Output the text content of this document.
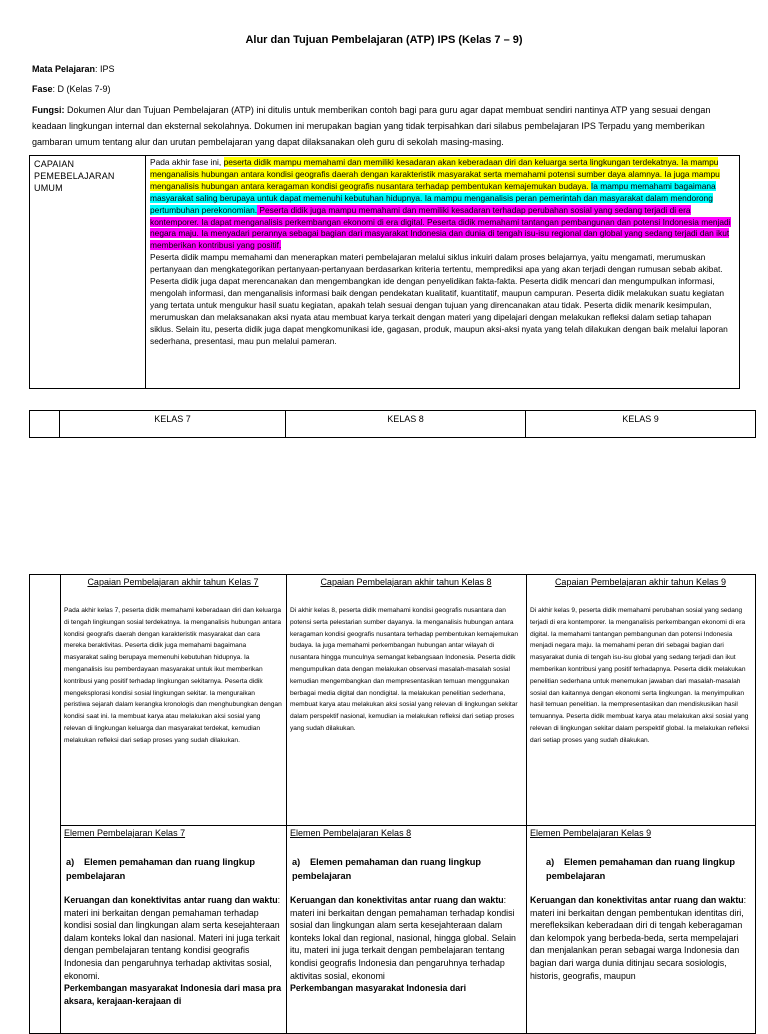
Alur dan Tujuan Pembelajaran (ATP) IPS (Kelas 7 – 9)
Mata Pelajaran: IPS
Fase: D (Kelas 7-9)
Fungsi: Dokumen Alur dan Tujuan Pembelajaran (ATP) ini ditulis untuk memberikan contoh bagi para guru agar dapat membuat sendiri nantinya ATP yang sesuai dengan keadaan lingkungan internal dan eksternal sekolahnya. Dokumen ini merupakan bagian yang tidak terpisahkan dari silabus pembelajaran IPS Terpadu yang memberikan gambaran umum tentang alur dan urutan pembelajaran yang dapat dilaksanakan oleh guru di sekolah masing-masing.
CAPAIAN PEMEBELAJARAN UMUM
Pada akhir fase ini, peserta didik mampu memahami dan memiliki kesadaran akan keberadaan diri dan keluarga serta lingkungan terdekatnya. Ia mampu menganalisis hubungan antara kondisi geografis daerah dengan karakteristik masyarakat serta memahami potensi sumber daya alamnya. Ia juga mampu menganalisis hubungan antara keragaman kondisi geografis nusantara terhadap pembentukan kemajemukan budaya. Ia mampu memahami bagaimana masyarakat saling berupaya untuk dapat memenuhi kebutuhan hidupnya. Ia mampu menganalisis peran pemerintah dan masyarakat dalam mendorong pertumbuhan perekonomian. Peserta didik juga mampu memahami dan memiliki kesadaran terhadap perubahan sosial yang sedang terjadi di era kontemporer. Ia dapat menganalisis perkembangan ekonomi di era digital. Peserta didik memahami tantangan pembangunan dan potensi Indonesia menjadi negara maju. Ia menyadari perannya sebagai bagian dari masyarakat Indonesia dan dunia di tengah isu-isu regional dan global yang sedang terjadi dan ikut memberikan kontribusi yang positif.
Peserta didik mampu memahami dan menerapkan materi pembelajaran melalui siklus inkuiri dalam proses belajarnya, yaitu mengamati, merumuskan pertanyaan dan mengkategorikan pertanyaan-pertanyaan berdasarkan kriteria tertentu, memprediksi apa yang akan terjadi dengan rumusan sebab akibat. Peserta didik juga dapat merencanakan dan mengembangkan ide dengan penyelidikan fakta-fakta. Peserta didik mencari dan mengumpulkan informasi, mengolah informasi, dan menganalisis informasi baik dengan pendekatan kualitatif, kuantitatif, maupun campuran. Peserta didik melakukan suatu kegiatan yang tertata untuk mengukur hasil suatu kegiatan, apakah telah sesuai dengan tujuan yang direncanakan atau tidak. Peserta didik menarik kesimpulan, merumuskan dan melaksanakan aksi nyata atau membuat karya terkait dengan materi yang dipelajari dengan melakukan refleksi dalam setiap tahapan siklus. Selain itu, peserta didik juga dapat mengkomunikasi ide, gagasan, produk, maupun aksi-aksi nyata yang telah dilakukan dengan baik melalui laporan sederhana, presentasi, mau pun melalui pameran.
KELAS 7	KELAS 8	KELAS 9
Capaian Pembelajaran akhir tahun Kelas 7
Pada akhir kelas 7, peserta didik memahami keberadaan diri dan keluarga di tengah lingkungan sosial terdekatnya. Ia menganalisis hubungan antara kondisi geografis daerah dengan karakteristik masyarakat dan cara mereka beraktivitas. Peserta didik juga memahami bagaimana masyarakat saling berupaya memenuhi kebutuhan hidupnya. Ia menganalisis isu pemberdayaan masyarakat untuk ikut memberikan kontribusi yang positif terhadap lingkungan sekitarnya. Peserta didik mengeksplorasi kondisi sosial lingkungan sekitar. Ia menguraikan peristiwa sejarah dalam kerangka kronologis dan menghubungkan dengan kondisi saat ini. Ia membuat karya atau melakukan aksi sosial yang relevan di lingkungan keluarga dan masyarakat terdekat, kemudian melakukan refleksi dari setiap proses yang sudah dilakukan.
Elemen Pembelajaran Kelas 7
a) Elemen pemahaman dan ruang lingkup pembelajaran
Keruangan dan konektivitas antar ruang dan waktu: materi ini berkaitan dengan pemahaman terhadap kondisi sosial dan lingkungan alam serta kesejahteraan dalam konteks lokal dan nasional. Materi ini juga terkait dengan pembelajaran tentang kondisi geografis Indonesia dan pengaruhnya terhadap aktivitas sosial, ekonomi.
Perkembangan masyarakat Indonesia dari masa pra aksara, kerajaan-kerajaan di
Capaian Pembelajaran akhir tahun Kelas 8
Di akhir kelas 8, peserta didik memahami kondisi geografis nusantara dan potensi serta pelestarian sumber dayanya. Ia menganalisis hubungan antara keragaman kondisi geografis nusantara terhadap pembentukan kemajemukan budaya. Ia juga memahami perkembangan hubungan antar wilayah di nusantara hingga munculnya semangat kebangsaan Indonesia. Peserta didik mengumpulkan data dengan melakukan observasi masalah-masalah sosial kemudian mengembangkan dan mempresentasikan temuan menggunakan berbagai media digital dan nondigital. Ia melakukan penelitian sederhana, membuat karya atau melakukan aksi sosial yang relevan di lingkungan sekitar dalam perspektif nasional, kemudian ia melakukan refleksi dari setiap proses yang sudah dilakukan.
Elemen Pembelajaran Kelas 8
a) Elemen pemahaman dan ruang lingkup pembelajaran
Keruangan dan konektivitas antar ruang dan waktu: materi ini berkaitan dengan pemahaman terhadap kondisi sosial dan lingkungan alam serta kesejahteraan dalam konteks lokal dan regional, nasional, hingga global. Selain itu, materi ini juga terkait dengan pembelajaran tentang kondisi geografis Indonesia dan pengaruhnya terhadap aktivitas sosial, ekonomi
Perkembangan masyarakat Indonesia dari
Capaian Pembelajaran akhir tahun Kelas 9
Di akhir kelas 9, peserta didik memahami perubahan sosial yang sedang terjadi di era kontemporer. Ia menganalisis perkembangan ekonomi di era digital. Ia memahami tantangan pembangunan dan potensi Indonesia menjadi negara maju. Ia memahami peran diri sebagai bagian dari masyarakat dunia di tengah isu-isu global yang sedang terjadi dan ikut memberikan kontribusi yang positif terhadapnya. Peserta didik melakukan penelitian sederhana untuk menemukan jawaban dari masalah-masalah sosial dan kaitannya dengan ekonomi serta lingkungan. Ia menyimpulkan hasil temuan penelitian. Ia mempresentasikan dan mendiskusikan hasil temuannya. Peserta didik membuat karya atau melakukan aksi sosial yang relevan di lingkungan sekitar dalam perspektif global. Ia melakukan refleksi dari setiap proses yang sudah dilakukan.
Elemen Pembelajaran Kelas 9
a) Elemen pemahaman dan ruang lingkup pembelajaran
Keruangan dan konektivitas antar ruang dan waktu: materi ini berkaitan dengan pembentukan identitas diri, merefleksikan keberadaan diri di tengah keberagaman dan kelompok yang berbeda-beda, serta mempelajari dan menjalankan peran sebagai warga Indonesia dan bagian dari warga dunia ditinjau secara sosiologis, historis, geografis, maupun
